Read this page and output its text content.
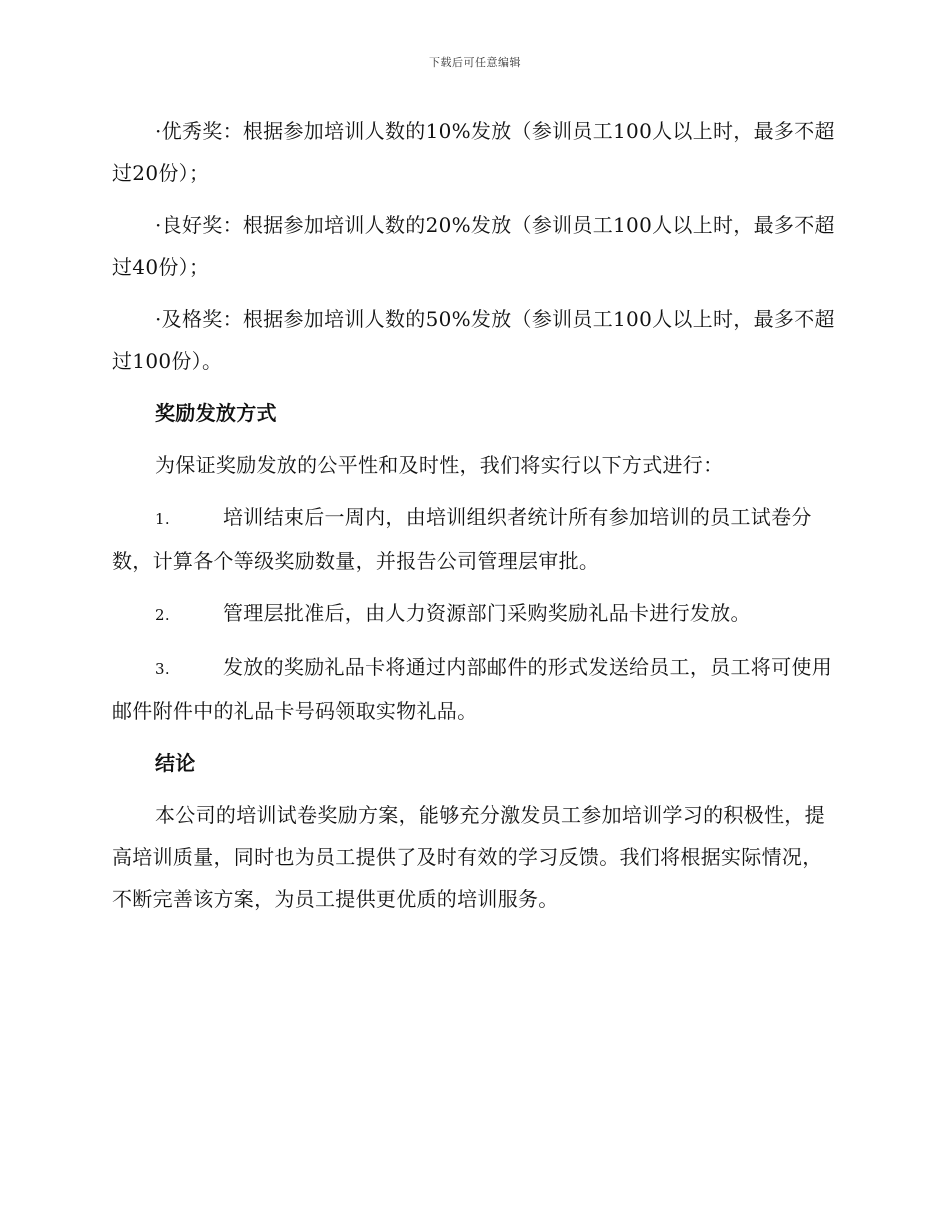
下载后可任意编辑

·优秀奖：根据参加培训人数的10%发放（参训员工100人以上时，最多不超过20份）；

·良好奖：根据参加培训人数的20%发放（参训员工100人以上时，最多不超过40份）；

·及格奖：根据参加培训人数的50%发放（参训员工100人以上时，最多不超过100份）。

奖励发放方式

为保证奖励发放的公平性和及时性，我们将实行以下方式进行：

1.	培训结束后一周内，由培训组织者统计所有参加培训的员工试卷分数，计算各个等级奖励数量，并报告公司管理层审批。

2.	管理层批准后，由人力资源部门采购奖励礼品卡进行发放。

3.	发放的奖励礼品卡将通过内部邮件的形式发送给员工，员工将可使用邮件附件中的礼品卡号码领取实物礼品。

结论

本公司的培训试卷奖励方案，能够充分激发员工参加培训学习的积极性，提高培训质量，同时也为员工提供了及时有效的学习反馈。我们将根据实际情况，不断完善该方案，为员工提供更优质的培训服务。
